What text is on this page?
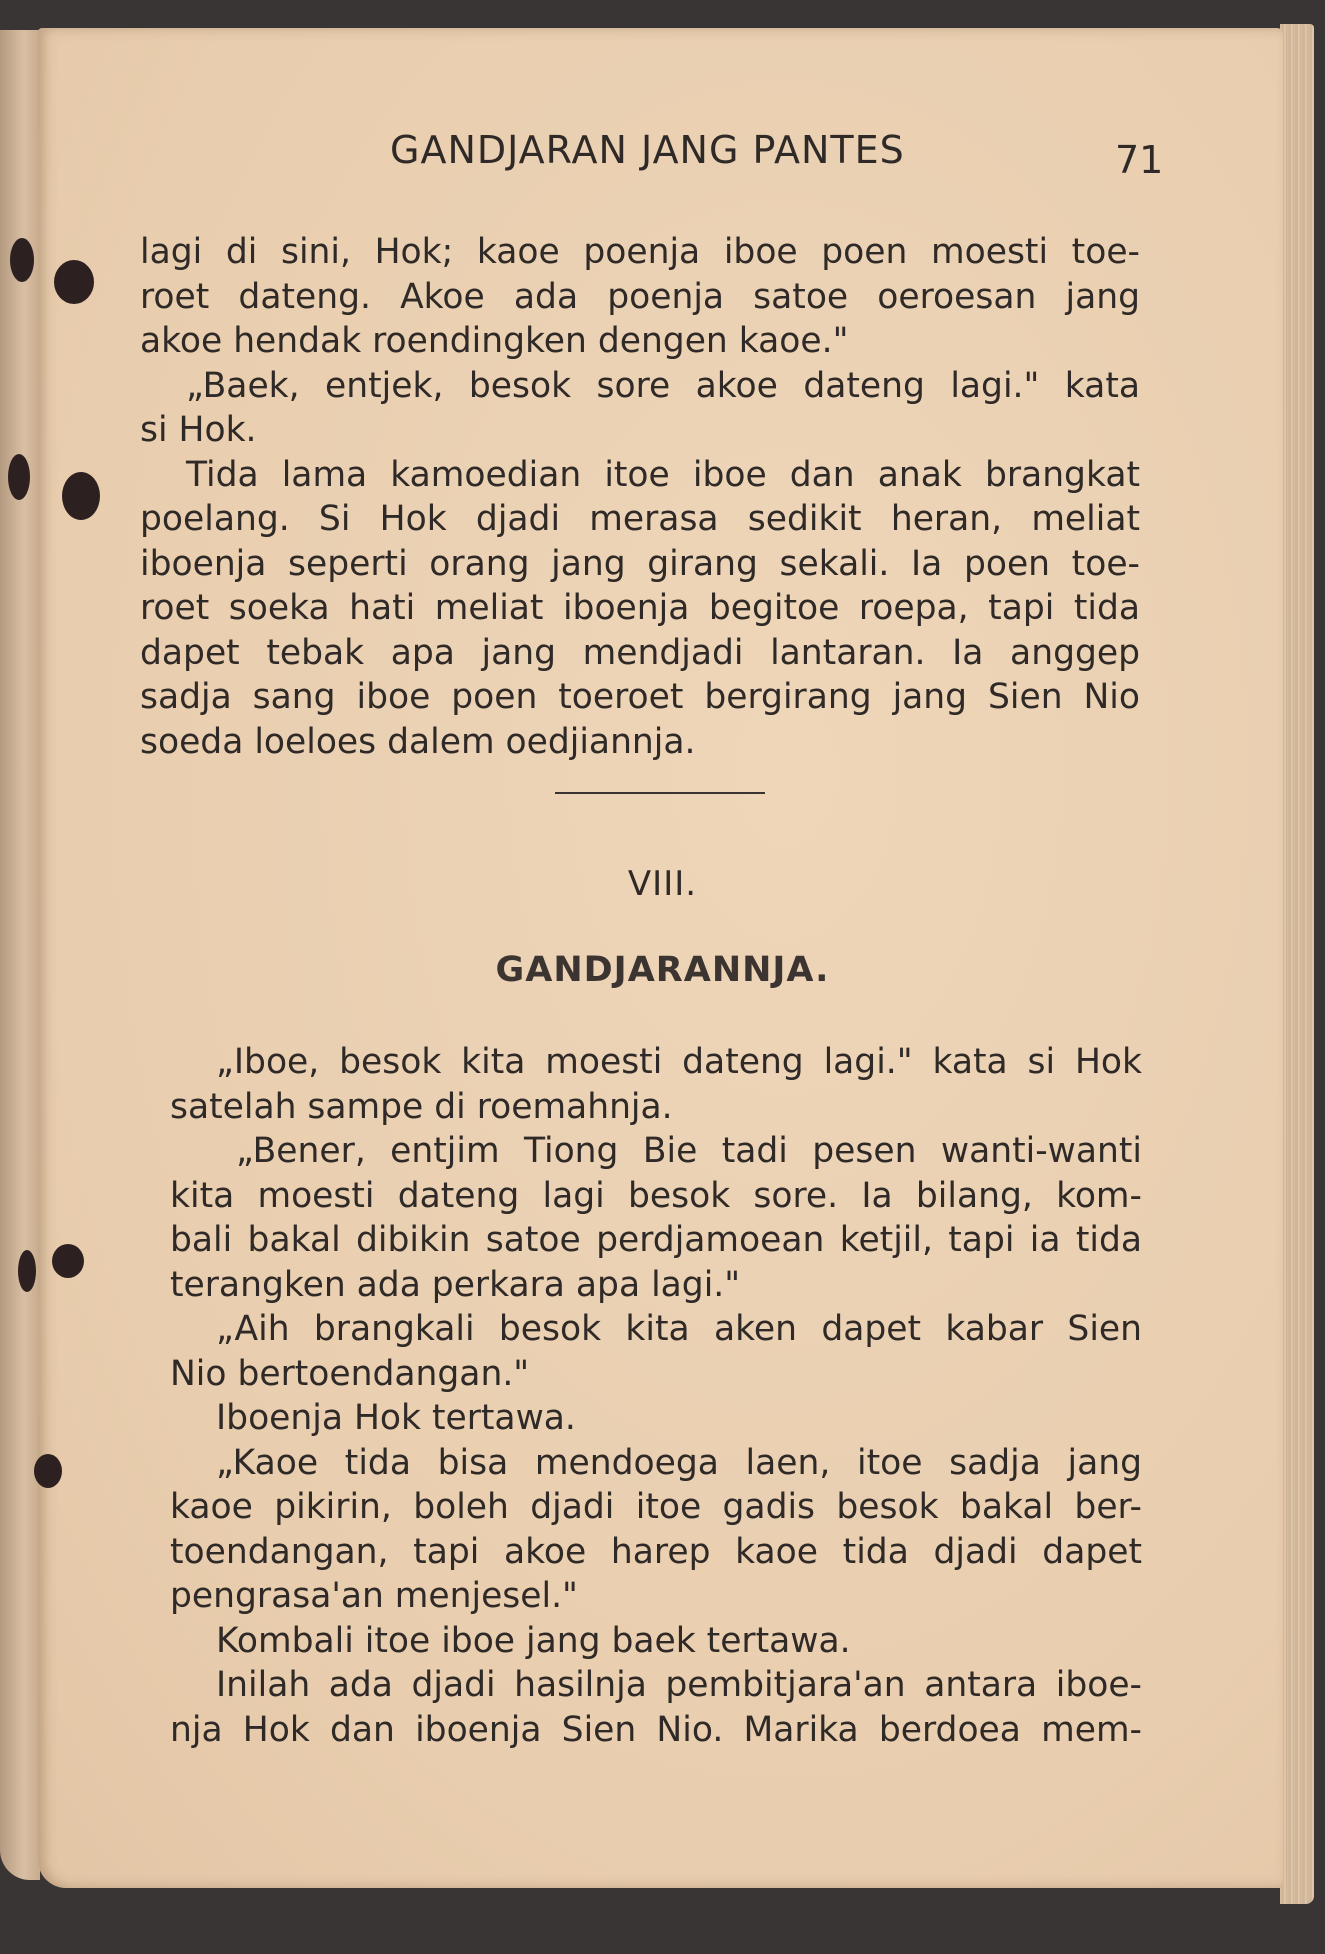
GANDJARAN JANG PANTES	71
lagi di sini, Hok; kaoe poenja iboe poen moesti toe-
roet dateng. Akoe ada poenja satoe oeroesan jang
akoe hendak roendingken dengen kaoe."
„Baek, entjek, besok sore akoe dateng lagi." kata
si Hok.
Tida lama kamoedian itoe iboe dan anak brangkat
poelang. Si Hok djadi merasa sedikit heran, meliat
iboenja seperti orang jang girang sekali. Ia poen toe-
roet soeka hati meliat iboenja begitoe roepa, tapi tida
dapet tebak apa jang mendjadi lantaran. Ia anggep
sadja sang iboe poen toeroet bergirang jang Sien Nio
soeda loeloes dalem oedjiannja.
VIII.
GANDJARANNJA.
„Iboe, besok kita moesti dateng lagi." kata si Hok
satelah sampe di roemahnja.
„Bener, entjim Tiong Bie tadi pesen wanti-wanti
kita moesti dateng lagi besok sore. Ia bilang, kom-
bali bakal dibikin satoe perdjamoean ketjil, tapi ia tida
terangken ada perkara apa lagi."
„Aih brangkali besok kita aken dapet kabar Sien
Nio bertoendangan."
Iboenja Hok tertawa.
„Kaoe tida bisa mendoega laen, itoe sadja jang
kaoe pikirin, boleh djadi itoe gadis besok bakal ber-
toendangan, tapi akoe harep kaoe tida djadi dapet
pengrasa'an menjesel."
Kombali itoe iboe jang baek tertawa.
Inilah ada djadi hasilnja pembitjara'an antara iboe-
nja Hok dan iboenja Sien Nio. Marika berdoea mem-
